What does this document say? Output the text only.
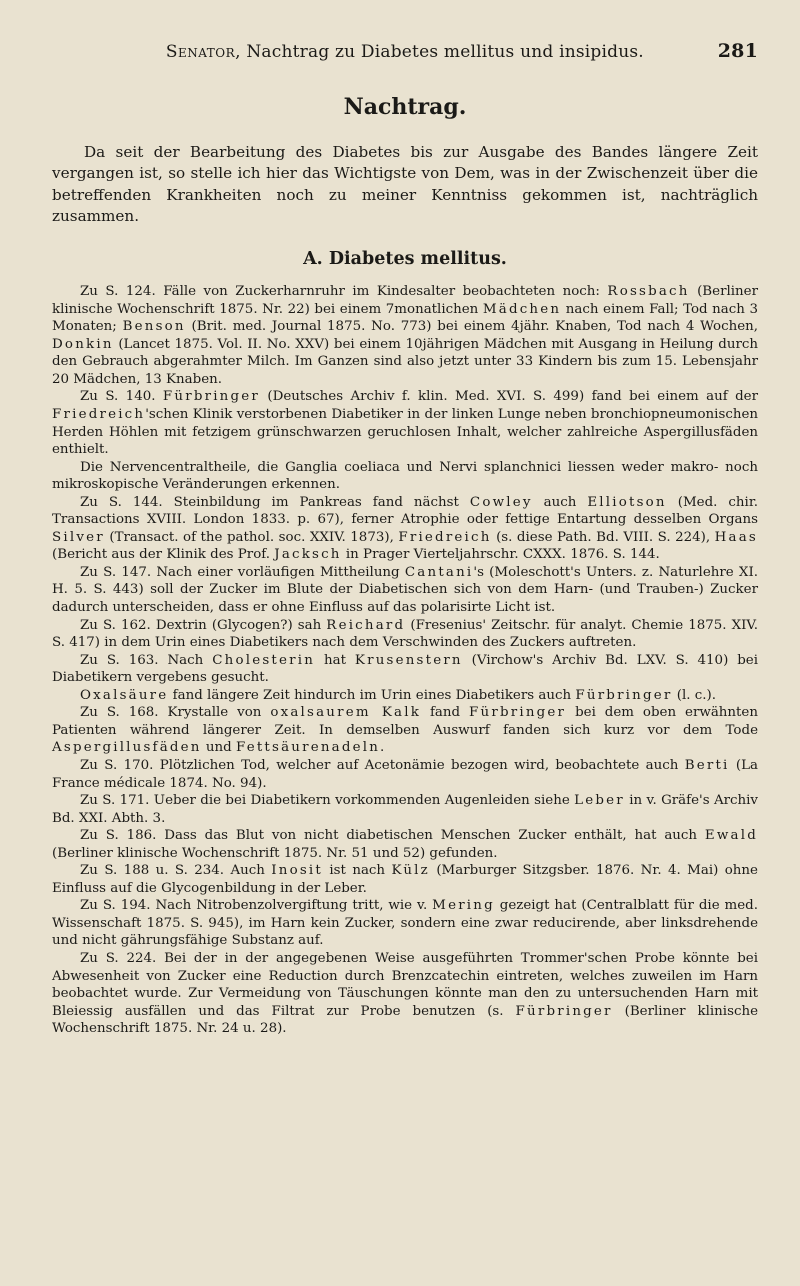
Senator, Nachtrag zu Diabetes mellitus und insipidus.	281
Nachtrag.

Da seit der Bearbeitung des Diabetes bis zur Ausgabe des Bandes längere Zeit vergangen ist, so stelle ich hier das Wichtigste von Dem, was in der Zwischenzeit über die betreffenden Krankheiten noch zu meiner Kenntniss gekommen ist, nachträglich zusammen.

A. Diabetes mellitus.

Zu S. 124. Fälle von Zuckerharnruhr im Kindesalter beobachteten noch: Rossbach (Berliner klinische Wochenschrift 1875. Nr. 22) bei einem 7monatlichen Mädchen nach einem Fall; Tod nach 3 Monaten; Benson (Brit. med. Journal 1875. No. 773) bei einem 4jähr. Knaben, Tod nach 4 Wochen, Donkin (Lancet 1875. Vol. II. No. XXV) bei einem 10jährigen Mädchen mit Ausgang in Heilung durch den Gebrauch abgerahmter Milch. Im Ganzen sind also jetzt unter 33 Kindern bis zum 15. Lebensjahr 20 Mädchen, 13 Knaben.

Zu S. 140. Fürbringer (Deutsches Archiv f. klin. Med. XVI. S. 499) fand bei einem auf der Friedreich'schen Klinik verstorbenen Diabetiker in der linken Lunge neben bronchiopneumonischen Herden Höhlen mit fetzigem grünschwarzen geruchlosen Inhalt, welcher zahlreiche Aspergillusfäden enthielt.

Die Nervencentraltheile, die Ganglia coeliaca und Nervi splanchnici liessen weder makro- noch mikroskopische Veränderungen erkennen.

Zu S. 144. Steinbildung im Pankreas fand nächst Cowley auch Elliotson (Med. chir. Transactions XVIII. London 1833. p. 67), ferner Atrophie oder fettige Entartung desselben Organs Silver (Transact. of the pathol. soc. XXIV. 1873), Friedreich (s. diese Path. Bd. VIII. S. 224), Haas (Bericht aus der Klinik des Prof. Jacksch in Prager Vierteljahrschr. CXXX. 1876. S. 144.

Zu S. 147. Nach einer vorläufigen Mittheilung Cantani's (Moleschott's Unters. z. Naturlehre XI. H. 5. S. 443) soll der Zucker im Blute der Diabetischen sich von dem Harn- (und Trauben-) Zucker dadurch unterscheiden, dass er ohne Einfluss auf das polarisirte Licht ist.

Zu S. 162. Dextrin (Glycogen?) sah Reichard (Fresenius' Zeitschr. für analyt. Chemie 1875. XIV. S. 417) in dem Urin eines Diabetikers nach dem Verschwinden des Zuckers auftreten.

Zu S. 163. Nach Cholesterin hat Krusenstern (Virchow's Archiv Bd. LXV. S. 410) bei Diabetikern vergebens gesucht.

Oxalsäure fand längere Zeit hindurch im Urin eines Diabetikers auch Fürbringer (l. c.).

Zu S. 168. Krystalle von oxalsaurem Kalk fand Fürbringer bei dem oben erwähnten Patienten während längerer Zeit. In demselben Auswurf fanden sich kurz vor dem Tode Aspergillusfäden und Fettsäurenadeln.

Zu S. 170. Plötzlichen Tod, welcher auf Acetonämie bezogen wird, beobachtete auch Berti (La France médicale 1874. No. 94).

Zu S. 171. Ueber die bei Diabetikern vorkommenden Augenleiden siehe Leber in v. Gräfe's Archiv Bd. XXI. Abth. 3.

Zu S. 186. Dass das Blut von nicht diabetischen Menschen Zucker enthält, hat auch Ewald (Berliner klinische Wochenschrift 1875. Nr. 51 und 52) gefunden.

Zu S. 188 u. S. 234. Auch Inosit ist nach Külz (Marburger Sitzgsber. 1876. Nr. 4. Mai) ohne Einfluss auf die Glycogenbildung in der Leber.

Zu S. 194. Nach Nitrobenzolvergiftung tritt, wie v. Mering gezeigt hat (Centralblatt für die med. Wissenschaft 1875. S. 945), im Harn kein Zucker, sondern eine zwar reducirende, aber linksdrehende und nicht gährungsfähige Substanz auf.

Zu S. 224. Bei der in der angegebenen Weise ausgeführten Trommer'schen Probe könnte bei Abwesenheit von Zucker eine Reduction durch Brenzcatechin eintreten, welches zuweilen im Harn beobachtet wurde. Zur Vermeidung von Täuschungen könnte man den zu untersuchenden Harn mit Bleiessig ausfällen und das Filtrat zur Probe benutzen (s. Fürbringer (Berliner klinische Wochenschrift 1875. Nr. 24 u. 28).
